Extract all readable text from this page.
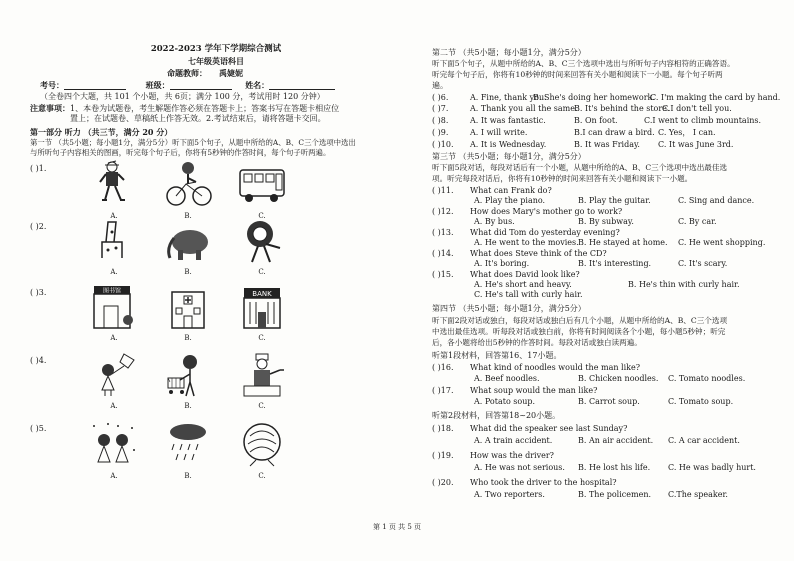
2022-2023 学年下学期综合测试
七年级英语科目
命题教师： 禹婕妮
考号：	班级：	姓名：
（全卷四个大题，共 101 个小题，共 6页；满分 100 分，考试用时 120 分钟）
注意事项：1、本卷为试题卷，考生解题作答必须在答题卡上；答案书写在答题卡相应位
置上；在试题卷、草稿纸上作答无效。2.考试结束后，请将答题卡交回。
第一部分 听力 （共三节，满分 20 分）
第一节 （共5小题；每小题1分，满分5分）听下面5个句子，从题中所给的A、B、C三个选项中选出
与所听句子内容相关的图画，听完每个句子后，你将有5秒钟的作答时间，每个句子听两遍。
( )1.
A.	B.	C.
( )2.
A.	B.	C.
( )3.	图书馆
A.	B.
BANK
C.
( )4.
A.	B.	C.
( )5.
A.	B.	C.
第二节 （共5小题；每小题1分，满分5分）
听下面5个句子，从题中所给的A、B、C三个选项中选出与所听句子内容相符的正确答语。
听完每个句子后，你将有10秒钟的时间来回答有关小题和阅读下一小题。每个句子听两
遍。
( )6.	A. Fine, thank you.B. She's doing her homework.C. I'm making the card by hand.
( )7.	A. Thank you all the same.B. It's behind the store.C.I don't tell you.
( )8.	A. It was fantastic.	B. On foot.	C.I went to climb mountains.
( )9.	A. I will write.	B.I can draw a bird. C. Yes， I can.
( )10. A. It is Wednesday.	B. It was Friday. C. It was June 3rd.
第三节 （共5小题；每小题1分，满分5分）
听下面5段对话，每段对话后有一个小题，从题中所给的A、B、C三个选项中选出最佳选
项。听完每段对话后，你将有10秒钟的时间来回答有关小题和阅读下一小题。
( )11. What can Frank do?
A. Play the piano.	B. Play the guitar.	C. Sing and dance.
( )12. How does Mary's mother go to work?
A. By bus.	B. By subway.	C. By car.
( )13. What did Tom do yesterday evening?
A. He went to the movies.B. He stayed at home. C. He went shopping.
( )14. What does Steve think of the CD?
A. It's boring.	B. It's interesting.	C. It's scary.
( )15. What does David look like?
A. He's short and heavy.	B. He's thin with curly hair.
C. He's tall with curly hair.
第四节 （共5小题；每小题1分，满分5分）
听下面2段对话或独白，每段对话或独白后有几个小题，从题中所给的A、B、C三个选项
中选出最佳选项。听每段对话或独白前，你将有时间阅读各个小题，每小题5秒钟；听完
后，各小题将给出5秒钟的作答时间。每段对话或独白读两遍。
听第1段材料，回答第16、17小题。
( )16. What kind of noodles would the man like?
A. Beef noodles.	B. Chicken noodles. C. Tomato noodles.
( )17. What soup would the man like?
A. Potato soup.	B. Carrot soup.	C. Tomato soup.
听第2段材料，回答第18~20小题。
( )18. What did the speaker see last Sunday?
A. A train accident.	B. An air accident. C. A car accident.
( )19. How was the driver?
A. He was not serious. B. He lost his life. C. He was badly hurt.
( )20. Who took the driver to the hospital?
A. Two reporters.	B. The policemen. C.The speaker.
第 1 页 共 5 页
